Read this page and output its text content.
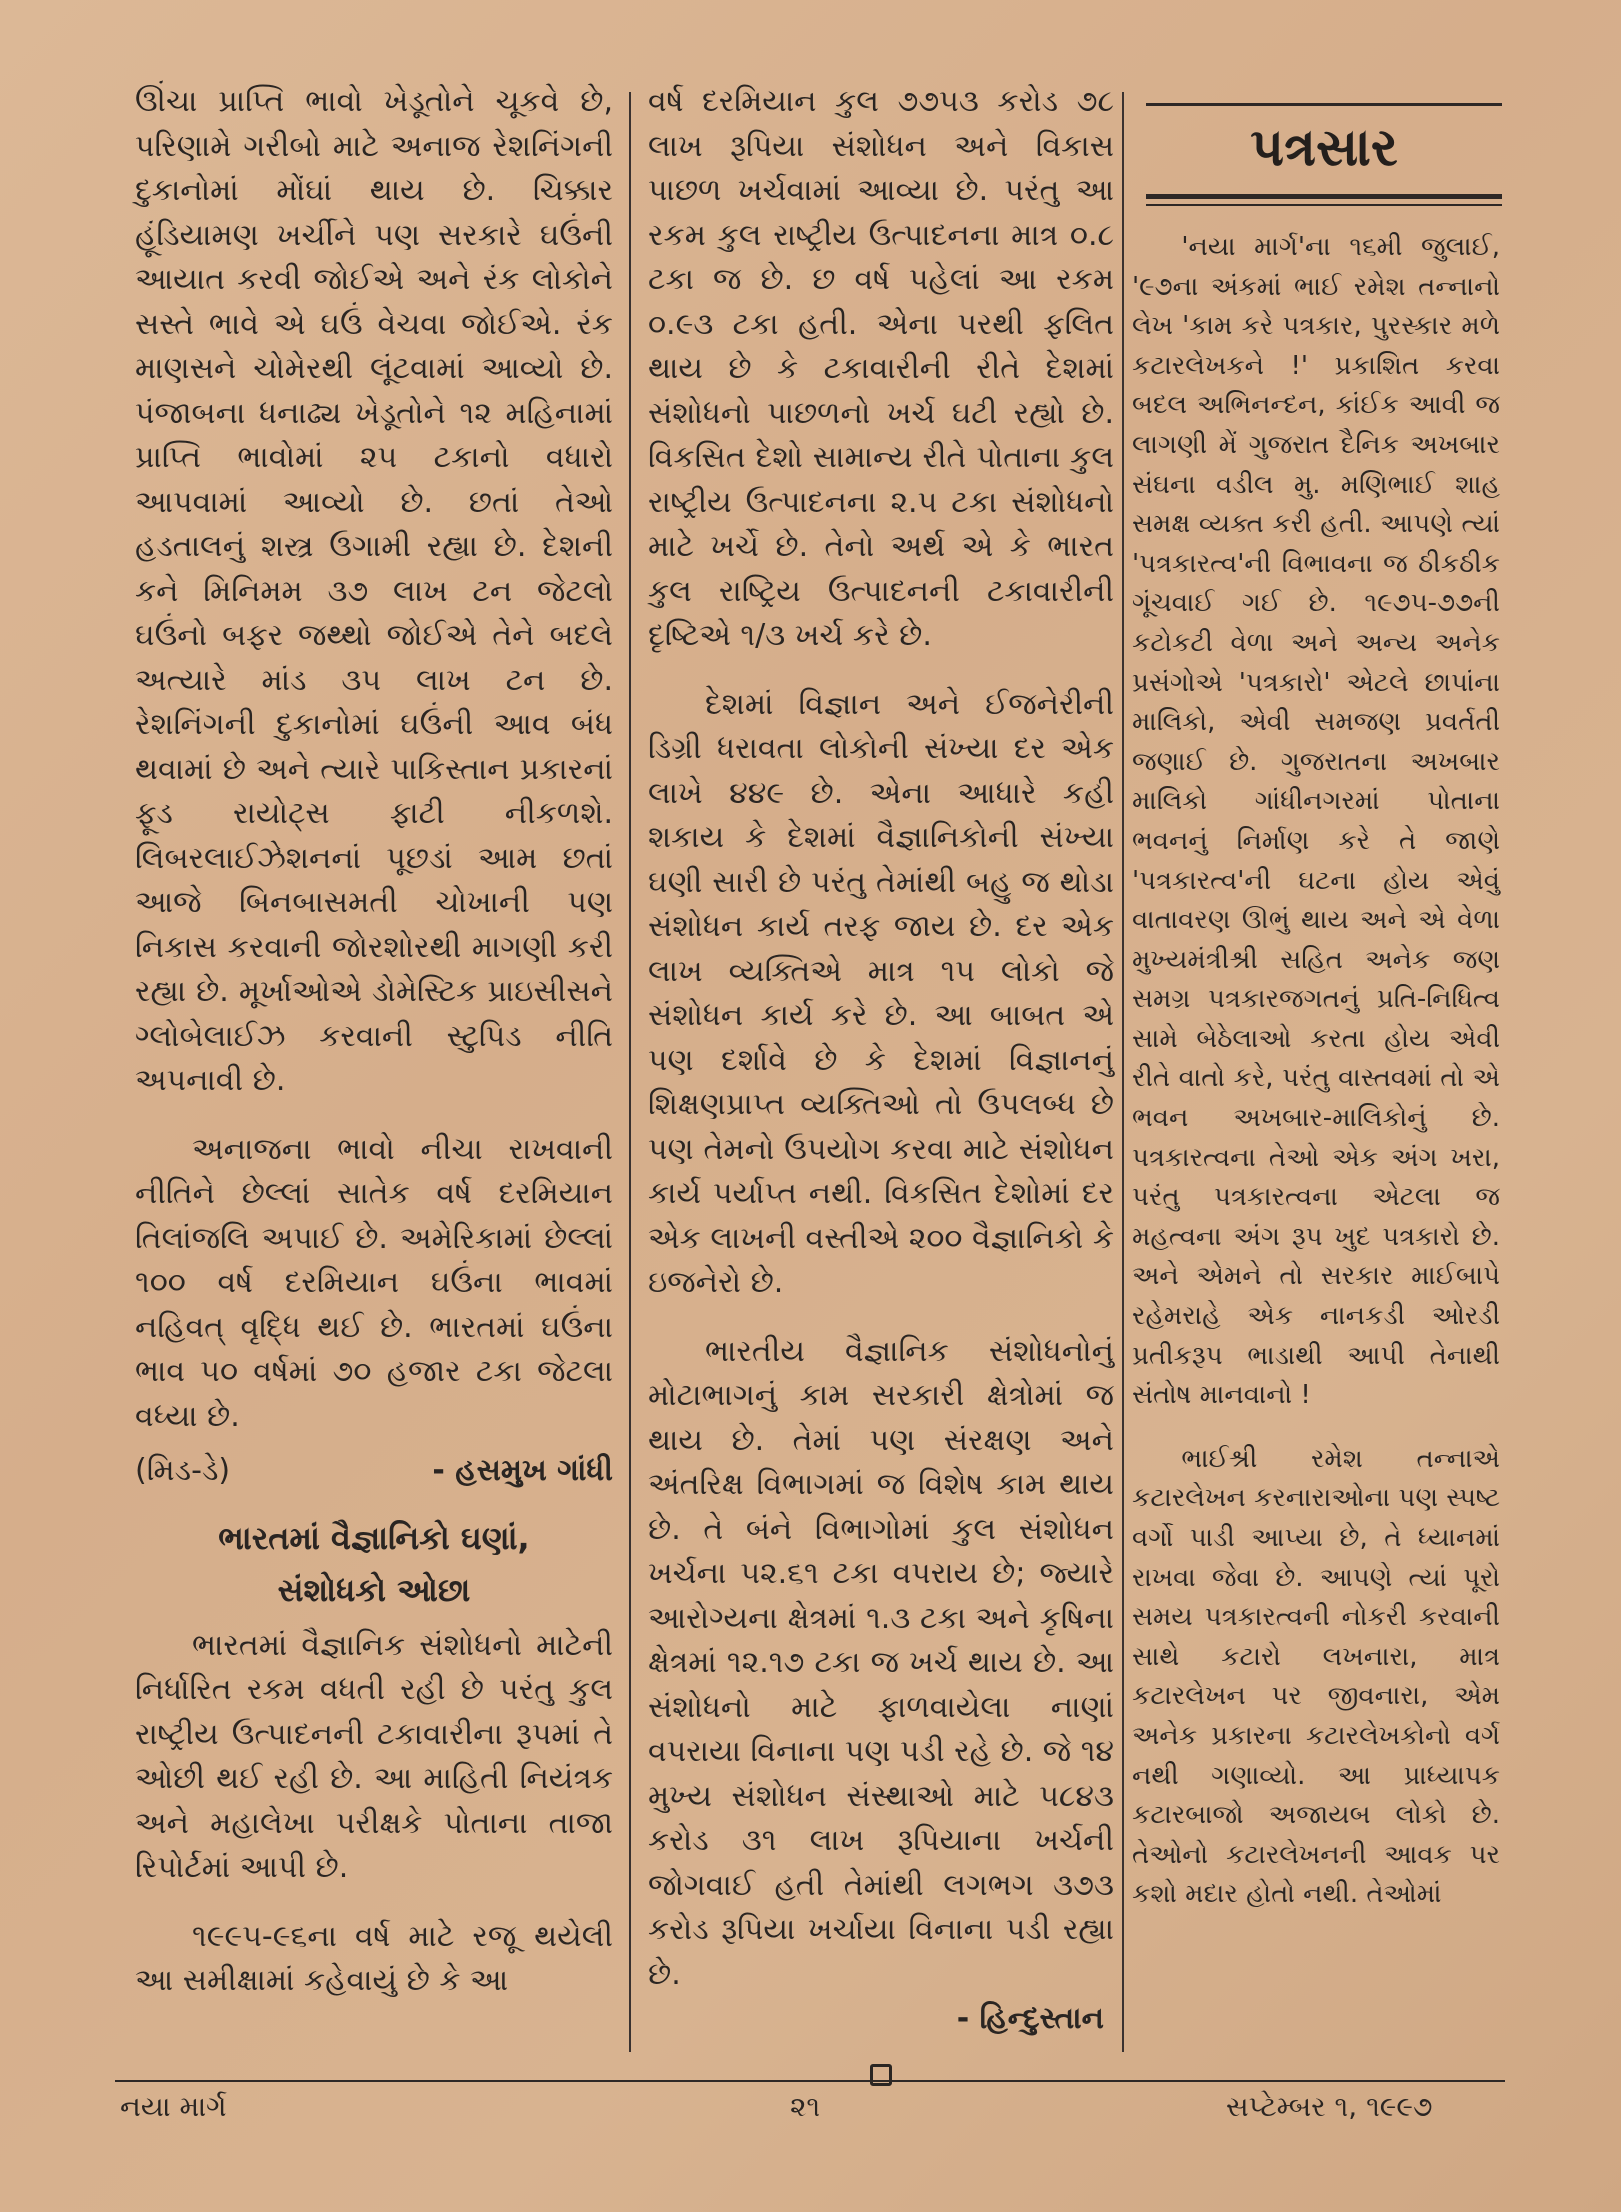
ઊંચા પ્રાપ્તિ ભાવો ખેડૂતોને ચૂકવે છે, પરિણામે ગરીબો માટે અનાજ રેશનિંગની દુકાનોમાં મોંઘાં થાય છે. ચિક્કાર હૂંડિયામણ ખર્ચીને પણ સરકારે ઘઉંની આયાત કરવી જોઈએ અને રંક લોકોને સસ્તે ભાવે એ ઘઉં વેચવા જોઈએ. રંક માણસને ચોમેરથી લૂંટવામાં આવ્યો છે. પંજાબના ધનાઢ્ય ખેડૂતોને ૧૨ મહિનામાં પ્રાપ્તિ ભાવોમાં ૨૫ ટકાનો વધારો આપવામાં આવ્યો છે. છતાં તેઓ હડતાલનું શસ્ત્ર ઉગામી રહ્યા છે. દેશની કને મિનિમમ ૩૭ લાખ ટન જેટલો ઘઉંનો બફર જથ્થો જોઈએ તેને બદલે અત્યારે માંડ ૩૫ લાખ ટન છે. રેશનિંગની દુકાનોમાં ઘઉંની આવ બંધ થવામાં છે અને ત્યારે પાકિસ્તાન પ્રકારનાં ફૂડ રાયોટ્સ ફાટી નીકળશે. લિબરલાઈઝેશનનાં પૂછડાં આમ છતાં આજે બિનબાસમતી ચોખાની પણ નિકાસ કરવાની જોરશોરથી માગણી કરી રહ્યા છે. મૂર્ખાઓએ ડોમેસ્ટિક પ્રાઇસીસને ગ્લોબેલાઈઝ કરવાની સ્ટુપિડ નીતિ અપનાવી છે.

અનાજના ભાવો નીચા રાખવાની નીતિને છેલ્લાં સાતેક વર્ષ દરમિયાન તિલાંજલિ અપાઈ છે. અમેરિકામાં છેલ્લાં ૧૦૦ વર્ષ દરમિયાન ઘઉંના ભાવમાં નહિવત્ વૃદ્ધિ થઈ છે. ભારતમાં ઘઉંના ભાવ ૫૦ વર્ષમાં ૭૦ હજાર ટકા જેટલા વધ્યા છે.

(મિડ-ડે)	- હસમુખ ગાંધી
ભારતમાં વૈજ્ઞાનિકો ઘણાં,
સંશોધકો ઓછા

ભારતમાં વૈજ્ઞાનિક સંશોધનો માટેની નિર્ધારિત રકમ વધતી રહી છે પરંતુ કુલ રાષ્ટ્રીય ઉત્પાદનની ટકાવારીના રૂપમાં તે ઓછી થઈ રહી છે. આ માહિતી નિયંત્રક અને મહાલેખા પરીક્ષકે પોતાના તાજા રિપોર્ટમાં આપી છે.

૧૯૯૫-૯૬ના વર્ષ માટે રજૂ થયેલી આ સમીક્ષામાં કહેવાયું છે કે આ

વર્ષ દરમિયાન કુલ ૭૭૫૩ કરોડ ૭૮ લાખ રૂપિયા સંશોધન અને વિકાસ પાછળ ખર્ચવામાં આવ્યા છે. પરંતુ આ રકમ કુલ રાષ્ટ્રીય ઉત્પાદનના માત્ર ૦.૮ ટકા જ છે. છ વર્ષ પહેલાં આ રકમ ૦.૯૩ ટકા હતી. એના પરથી ફલિત થાય છે કે ટકાવારીની રીતે દેશમાં સંશોધનો પાછળનો ખર્ચ ઘટી રહ્યો છે. વિકસિત દેશો સામાન્ય રીતે પોતાના કુલ રાષ્ટ્રીય ઉત્પાદનના ૨.૫ ટકા સંશોધનો માટે ખર્ચે છે. તેનો અર્થ એ કે ભારત કુલ રાષ્ટ્રિય ઉત્પાદનની ટકાવારીની દૃષ્ટિએ ૧/૩ ખર્ચ કરે છે.

દેશમાં વિજ્ઞાન અને ઈજનેરીની ડિગ્રી ધરાવતા લોકોની સંખ્યા દર એક લાખે ૪૪૯ છે. એના આધારે કહી શકાય કે દેશમાં વૈજ્ઞાનિકોની સંખ્યા ઘણી સારી છે પરંતુ તેમાંથી બહુ જ થોડા સંશોધન કાર્ય તરફ જાય છે. દર એક લાખ વ્યક્તિએ માત્ર ૧૫ લોકો જે સંશોધન કાર્ય કરે છે. આ બાબત એ પણ દર્શાવે છે કે દેશમાં વિજ્ઞાનનું શિક્ષણપ્રાપ્ત વ્યક્તિઓ તો ઉપલબ્ધ છે પણ તેમનો ઉપયોગ કરવા માટે સંશોધન કાર્ય પર્યાપ્ત નથી. વિકસિત દેશોમાં દર એક લાખની વસ્તીએ ૨૦૦ વૈજ્ઞાનિકો કે ઇજનેરો છે.

ભારતીય વૈજ્ઞાનિક સંશોધનોનું મોટાભાગનું કામ સરકારી ક્ષેત્રોમાં જ થાય છે. તેમાં પણ સંરક્ષણ અને અંતરિક્ષ વિભાગમાં જ વિશેષ કામ થાય છે. તે બંને વિભાગોમાં કુલ સંશોધન ખર્ચના ૫૨.૬૧ ટકા વપરાય છે; જ્યારે આરોગ્યના ક્ષેત્રમાં ૧.૩ ટકા અને કૃષિના ક્ષેત્રમાં ૧૨.૧૭ ટકા જ ખર્ચ થાય છે. આ સંશોધનો માટે ફાળવાયેલા નાણાં વપરાયા વિનાના પણ પડી રહે છે. જે ૧૪ મુખ્ય સંશોધન સંસ્થાઓ માટે ૫૮૪૩ કરોડ ૩૧ લાખ રૂપિયાના ખર્ચની જોગવાઈ હતી તેમાંથી લગભગ ૩૭૩ કરોડ રૂપિયા ખર્ચાયા વિનાના પડી રહ્યા છે.

- હિન્દુસ્તાન
પત્રસાર

'નયા માર્ગ'ના ૧૬મી જુલાઈ, '૯૭ના અંકમાં ભાઈ રમેશ તન્નાનો લેખ 'કામ કરે પત્રકાર, પુરસ્કાર મળે કટારલેખકને !' પ્રકાશિત કરવા બદલ અભિનન્દન, કાંઈક આવી જ લાગણી મેં ગુજરાત દૈનિક અખબાર સંઘના વડીલ મુ. મણિભાઈ શાહ સમક્ષ વ્યક્ત કરી હતી. આપણે ત્યાં 'પત્રકારત્વ'ની વિભાવના જ ઠીકઠીક ગૂંચવાઈ ગઈ છે. ૧૯૭૫-૭૭ની કટોકટી વેળા અને અન્ય અનેક પ્રસંગોએ 'પત્રકારો' એટલે છાપાંના માલિકો, એવી સમજણ પ્રવર્તતી જણાઈ છે. ગુજરાતના અખબાર માલિકો ગાંધીનગરમાં પોતાના ભવનનું નિર્માણ કરે તે જાણે 'પત્રકારત્વ'ની ઘટના હોય એવું વાતાવરણ ઊભું થાય અને એ વેળા મુખ્યમંત્રીશ્રી સહિત અનેક જણ સમગ્ર પત્રકારજગતનું પ્રતિ-નિધિત્વ સામે બેઠેલાઓ કરતા હોય એવી રીતે વાતો કરે, પરંતુ વાસ્તવમાં તો એ ભવન અખબાર-માલિકોનું છે. પત્રકારત્વના તેઓ એક અંગ ખરા, પરંતુ પત્રકારત્વના એટલા જ મહત્વના અંગ રૂપ ખુદ પત્રકારો છે. અને એમને તો સરકાર માઈબાપે રહેમરાહે એક નાનકડી ઓરડી પ્રતીકરૂપ ભાડાથી આપી તેનાથી સંતોષ માનવાનો !

ભાઈશ્રી રમેશ તન્નાએ કટારલેખન કરનારાઓના પણ સ્પષ્ટ વર્ગો પાડી આપ્યા છે, તે ધ્યાનમાં રાખવા જેવા છે. આપણે ત્યાં પૂરો સમય પત્રકારત્વની નોકરી કરવાની સાથે કટારો લખનારા, માત્ર કટારલેખન પર જીવનારા, એમ અનેક પ્રકારના કટારલેખકોનો વર્ગ નથી ગણાવ્યો. આ પ્રાધ્યાપક કટારબાજો અજાયબ લોકો છે. તેઓનો કટારલેખનની આવક પર કશો મદાર હોતો નથી. તેઓમાં

નયા માર્ગ	૨૧	સપ્ટેમ્બર ૧, ૧૯૯૭
